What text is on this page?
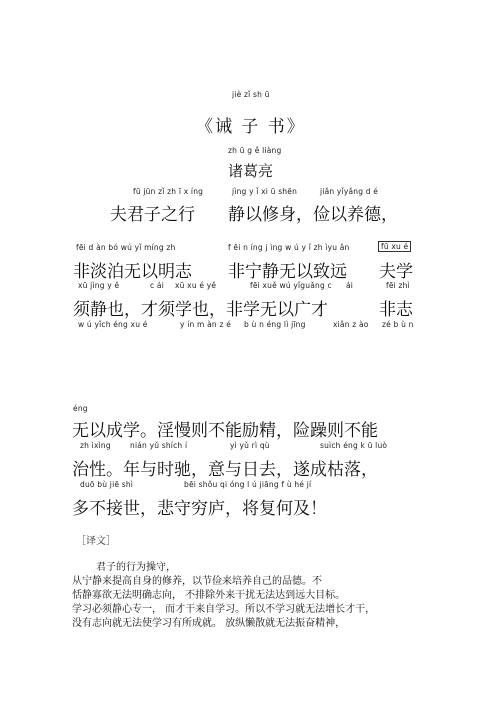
jiè zǐ sh ū
《诫 子 书》
zh ū g ě liàng
诸葛亮
fū jūn zǐ zh ī x íng	jìng y ǐ xi ū shēn	jiǎn yǐyǎng d é
夫君子之行 静以修身，俭以养德，
fēi d àn bó wú yǐ míng zh	f ēi n íng j ìng w ú y ǐ zh ìyu ǎn	fū xu é
非淡泊无以明志 非宁静无以致远 夫学
xū jìng y ě	c ái xū xu é yě	fēi xuě wú yǐguǎng c ái	fēi zhì
须静也，才须学也，非学无以广才	非志
w ú yǐch éng xu é	y ín m àn z é b ù n éng lì jīng	xiǎn z ào zé b ù n
éng
无以成学。淫慢则不能励精，险躁则不能
zh ìxìng	nián yǔ shích í	yì yǔ rì qù	suìch éng k ū luò
治性。年与时驰，意与日去，遂成枯落，
duō bù jiē shì	bēi shǒu qi óng l ú jiāng f ù hé jí
多不接世，悲守穷庐，将复何及！
［译文］
君子的行为操守，
从宁静来提高自身的修养，以节俭来培养自己的品德。不
恬静寡欲无法明确志向， 不排除外来干扰无法达到远大目标。
学习必须静心专一， 而才干来自学习。所以不学习就无法增长才干，
没有志向就无法使学习有所成就。 放纵懒散就无法振奋精神，
